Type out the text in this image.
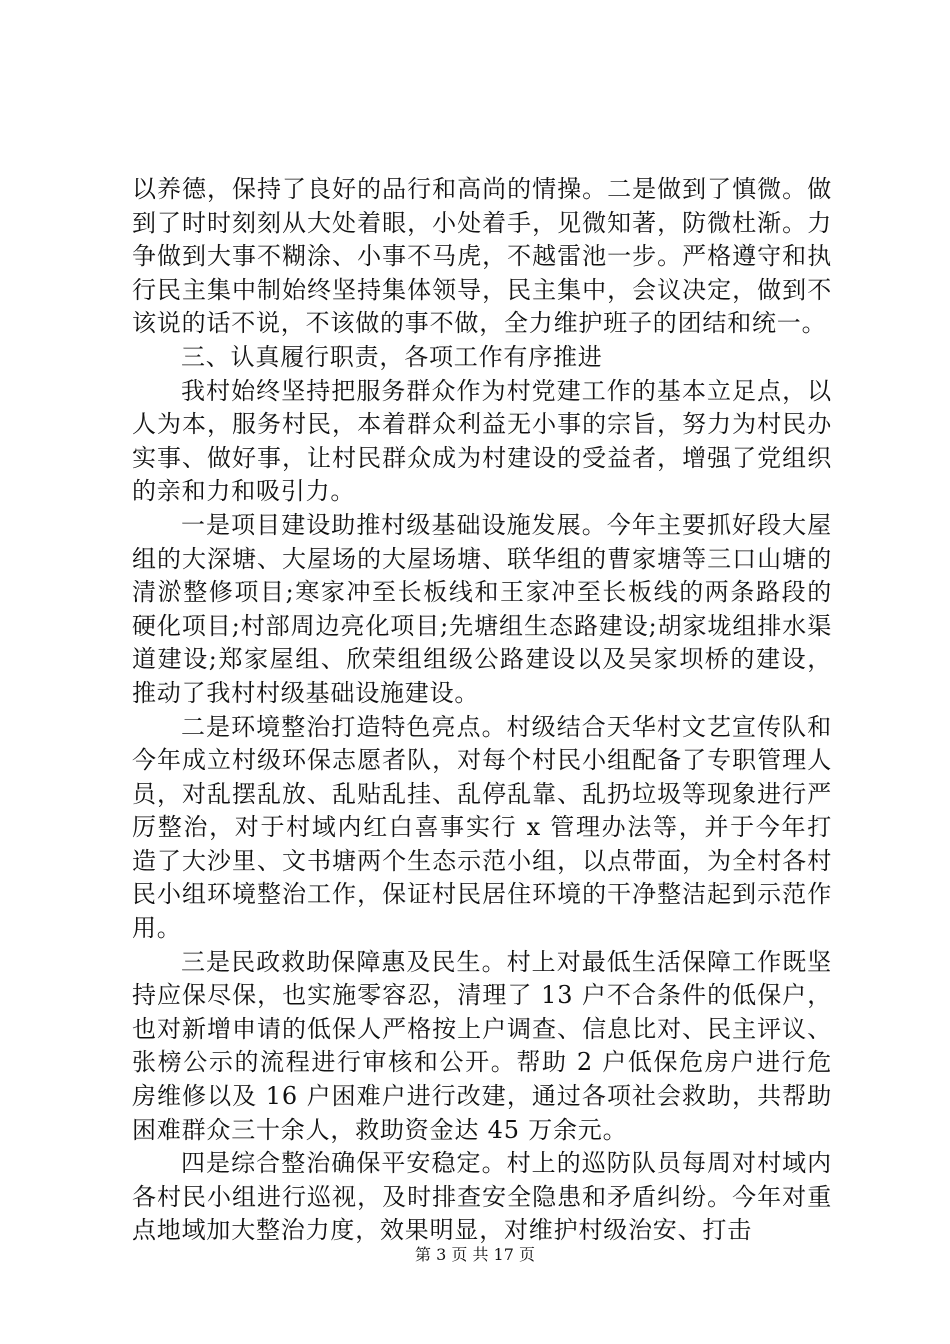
以养德，保持了良好的品行和高尚的情操。二是做到了慎微。做到了时时刻刻从大处着眼，小处着手，见微知著，防微杜渐。力争做到大事不糊涂、小事不马虎，不越雷池一步。严格遵守和执行民主集中制始终坚持集体领导，民主集中，会议决定，做到不该说的话不说，不该做的事不做，全力维护班子的团结和统一。

三、认真履行职责，各项工作有序推进

我村始终坚持把服务群众作为村党建工作的基本立足点，以人为本，服务村民，本着群众利益无小事的宗旨，努力为村民办实事、做好事，让村民群众成为村建设的受益者，增强了党组织的亲和力和吸引力。

一是项目建设助推村级基础设施发展。今年主要抓好段大屋组的大深塘、大屋场的大屋场塘、联华组的曹家塘等三口山塘的清淤整修项目;寒家冲至长板线和王家冲至长板线的两条路段的硬化项目;村部周边亮化项目;先塘组生态路建设;胡家垅组排水渠道建设;郑家屋组、欣荣组组级公路建设以及吴家坝桥的建设，推动了我村村级基础设施建设。

二是环境整治打造特色亮点。村级结合天华村文艺宣传队和今年成立村级环保志愿者队，对每个村民小组配备了专职管理人员，对乱摆乱放、乱贴乱挂、乱停乱靠、乱扔垃圾等现象进行严厉整治，对于村域内红白喜事实行 x 管理办法等，并于今年打造了大沙里、文书塘两个生态示范小组，以点带面，为全村各村民小组环境整治工作，保证村民居住环境的干净整洁起到示范作用。

三是民政救助保障惠及民生。村上对最低生活保障工作既坚持应保尽保，也实施零容忍，清理了 13 户不合条件的低保户，也对新增申请的低保人严格按上户调查、信息比对、民主评议、张榜公示的流程进行审核和公开。帮助 2 户低保危房户进行危房维修以及 16 户困难户进行改建，通过各项社会救助，共帮助困难群众三十余人，救助资金达 45 万余元。

四是综合整治确保平安稳定。村上的巡防队员每周对村域内各村民小组进行巡视，及时排查安全隐患和矛盾纠纷。今年对重点地域加大整治力度，效果明显，对维护村级治安、打击

第 3 页 共 17 页
